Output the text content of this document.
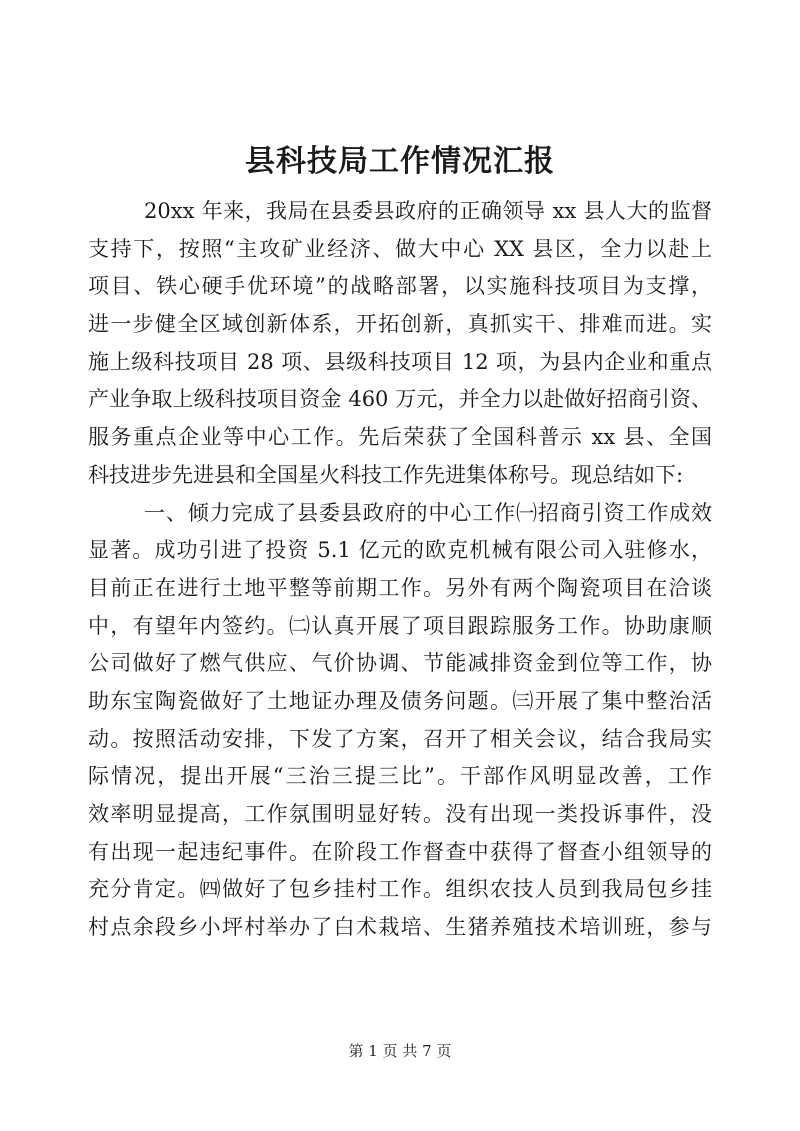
县科技局工作情况汇报
20xx 年来，我局在县委县政府的正确领导 xx 县人大的监督
支持下，按照“主攻矿业经济、做大中心 XX 县区，全力以赴上
项目、铁心硬手优环境”的战略部署，以实施科技项目为支撑，
进一步健全区域创新体系，开拓创新，真抓实干、排难而进。实
施上级科技项目 28 项、县级科技项目 12 项，为县内企业和重点
产业争取上级科技项目资金 460 万元，并全力以赴做好招商引资、
服务重点企业等中心工作。先后荣获了全国科普示 xx 县、全国
科技进步先进县和全国星火科技工作先进集体称号。现总结如下:
一、倾力完成了县委县政府的中心工作㈠招商引资工作成效
显著。成功引进了投资 5.1 亿元的欧克机械有限公司入驻修水，
目前正在进行土地平整等前期工作。另外有两个陶瓷项目在洽谈
中，有望年内签约。㈡认真开展了项目跟踪服务工作。协助康顺
公司做好了燃气供应、气价协调、节能减排资金到位等工作，协
助东宝陶瓷做好了土地证办理及债务问题。㈢开展了集中整治活
动。按照活动安排，下发了方案，召开了相关会议，结合我局实
际情况，提出开展“三治三提三比”。干部作风明显改善，工作
效率明显提高，工作氛围明显好转。没有出现一类投诉事件，没
有出现一起违纪事件。在阶段工作督查中获得了督查小组领导的
充分肯定。㈣做好了包乡挂村工作。组织农技人员到我局包乡挂
村点余段乡小坪村举办了白术栽培、生猪养殖技术培训班，参与
第 1 页 共 7 页
